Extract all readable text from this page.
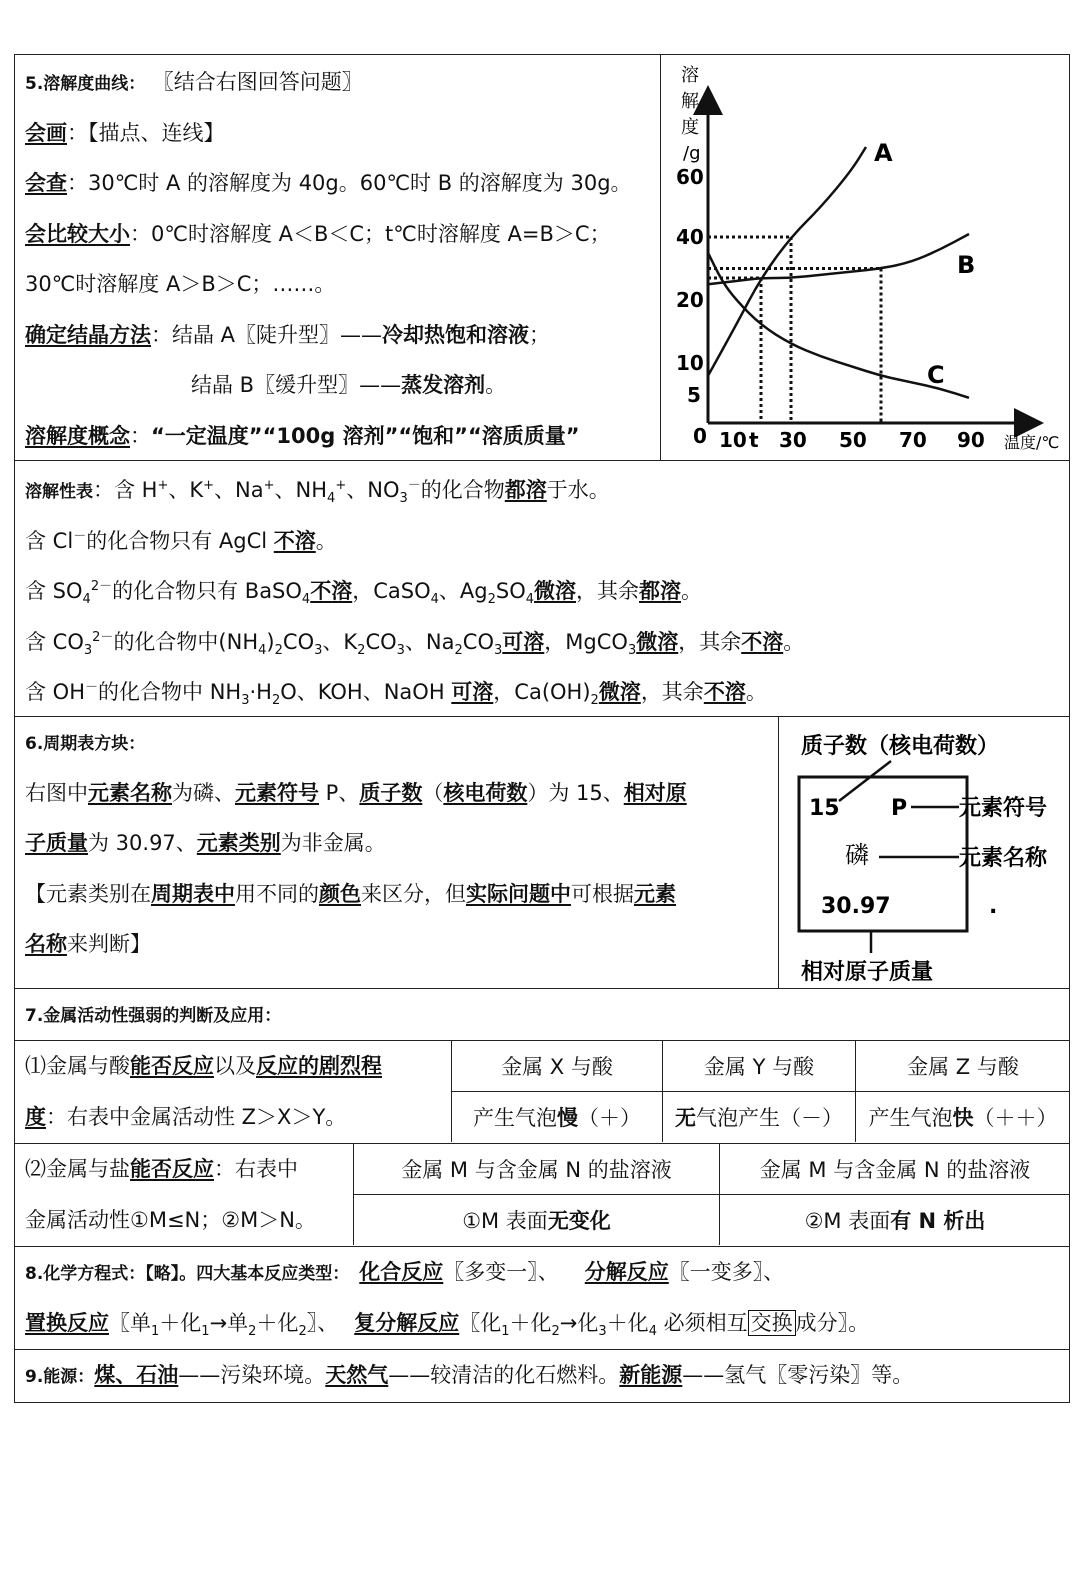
5.溶解度曲线： 〖结合右图回答问题〗
会画：【描点、连线】
会查：30℃时 A 的溶解度为 40g。60℃时 B 的溶解度为 30g。
会比较大小：0℃时溶解度 A＜B＜C；t℃时溶解度 A=B＞C；
30℃时溶解度 A＞B＞C；……。
确定结晶方法：结晶 A〖陡升型〗——冷却热饱和溶液；
结晶 B〖缓升型〗——蒸发溶剂。
溶解度概念：“一定温度”“100g 溶剂”“饱和”“溶质质量”
溶
解
度
/g	A
B
C
10 t 30 50 70 90
5
10
20
40
60
温度/℃
0
溶解性表：含 H+、K+、Na+、$NH_4^+$、$NO_3^-$的化合物都溶于水。
含 Cl－的化合物只有 AgCl 不溶。
含 $SO_4^{2-}$的化合物只有 BaSO$_4$不溶，CaSO$_4$、$Ag_2SO_4$微溶，其余都溶。
含 $CO_3^{2-}$的化合物中$(NH_4)_2CO_3$、$K_2CO_3$、$Na_2CO_3$可溶，MgCO$_3$微溶，其余不溶。
含 OH－的化合物中 $NH_3\cdot H_2O$、KOH、NaOH 可溶，$Ca(OH)_2$微溶，其余不溶。
6.周期表方块：
右图中元素名称为磷、元素符号 P、质子数（核电荷数）为 15、相对原
子质量为 30.97、元素类别为非金属。
【元素类别在周期表中用不同的颜色来区分，但实际问题中可根据元素
名称来判断】
质子数（核电荷数）
15 P 元素符号
磷	元素名称
30.97	.
相对原子质量
7.金属活动性强弱的判断及应用：
⑴金属与酸能否反应以及反应的剧烈程
度：右表中金属活动性 Z＞X＞Y。
金属 X 与酸	金属 Y 与酸	金属 Z 与酸
产生气泡慢（＋）	无气泡产生（－）	产生气泡快（＋＋）
⑵金属与盐能否反应：右表中
金属活动性①M≤N；②M＞N。
金属 M 与含金属 N 的盐溶液	金属 M 与含金属 N 的盐溶液
①M 表面无变化	②M 表面有 N 析出
8.化学方程式：【略】。四大基本反应类型： 化合反应〖多变一〗、 分解反应〖一变多〗、
置换反应〖单$_1$＋化$_1$→单$_2$＋化$_2$〗、 复分解反应〖化$_1$＋化$_2$→化$_3$＋化$_4$ 必须相互 交换 成分〗。
9.能源：煤、石油——污染环境。天然气——较清洁的化石燃料。新能源——氢气〖零污染〗等。
